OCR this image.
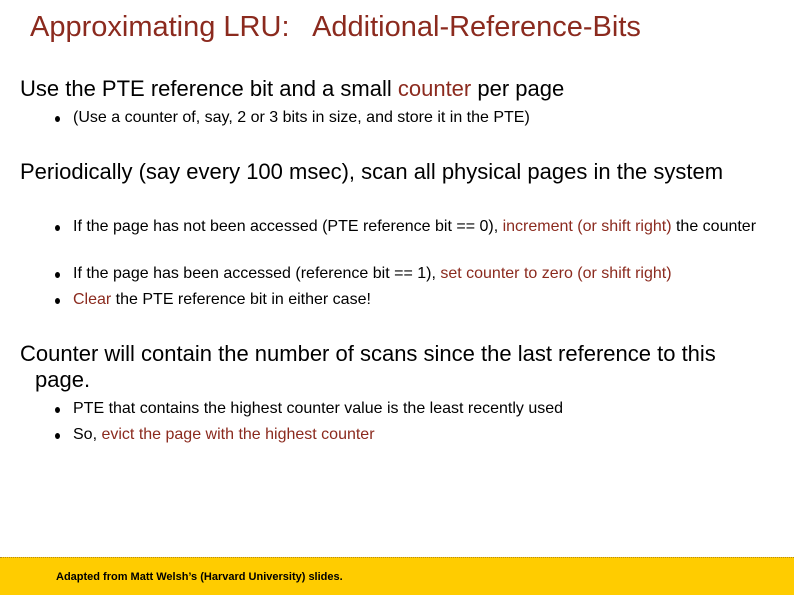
Approximating LRU:   Additional-Reference-Bits
Use the PTE reference bit and a small counter per page
(Use a counter of, say, 2 or 3 bits in size, and store it in the PTE)
Periodically (say every 100 msec), scan all physical pages in the system
If the page has not been accessed (PTE reference bit == 0), increment (or shift right) the counter
If the page has been accessed (reference bit == 1), set counter to zero (or shift right)
Clear the PTE reference bit in either case!
Counter will contain the number of scans since the last reference to this page.
PTE that contains the highest counter value is the least recently used
So, evict the page with the highest counter
Adapted from Matt Welsh’s (Harvard University) slides.
